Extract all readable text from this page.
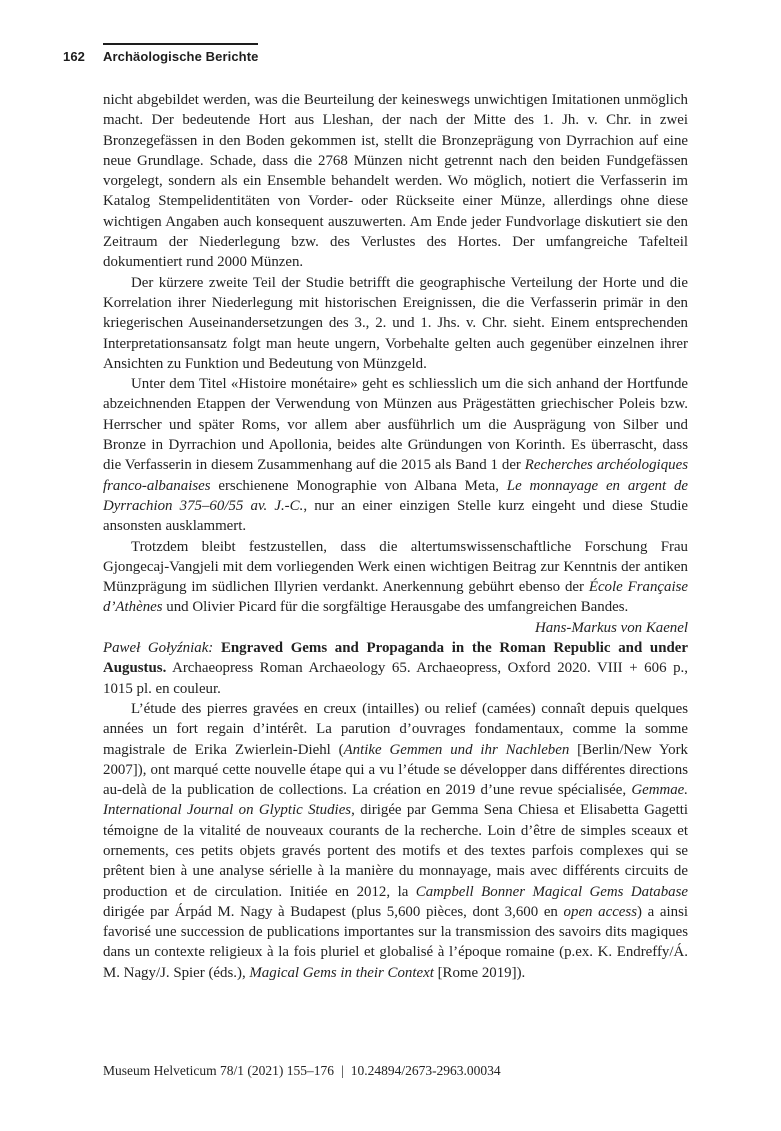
162	Archäologische Berichte

nicht abgebildet werden, was die Beurteilung der keineswegs unwichtigen Imitationen unmöglich macht. Der bedeutende Hort aus Lleshan, der nach der Mitte des 1. Jh. v. Chr. in zwei Bronzegefässen in den Boden gekommen ist, stellt die Bronzeprägung von Dyrrachion auf eine neue Grundlage. Schade, dass die 2768 Münzen nicht getrennt nach den beiden Fundgefässen vorgelegt, sondern als ein Ensemble behandelt werden. Wo möglich, notiert die Verfasserin im Katalog Stempelidentitäten von Vorder- oder Rückseite einer Münze, allerdings ohne diese wichtigen Angaben auch konsequent auszuwerten. Am Ende jeder Fundvorlage diskutiert sie den Zeitraum der Niederlegung bzw. des Verlustes des Hortes. Der umfangreiche Tafelteil dokumentiert rund 2000 Münzen.

Der kürzere zweite Teil der Studie betrifft die geographische Verteilung der Horte und die Korrelation ihrer Niederlegung mit historischen Ereignissen, die die Verfasserin primär in den kriegerischen Auseinandersetzungen des 3., 2. und 1. Jhs. v. Chr. sieht. Einem entsprechenden Interpretationsansatz folgt man heute ungern, Vorbehalte gelten auch gegenüber einzelnen ihrer Ansichten zu Funktion und Bedeutung von Münzgeld.

Unter dem Titel «Histoire monétaire» geht es schliesslich um die sich anhand der Hortfunde abzeichnenden Etappen der Verwendung von Münzen aus Prägestätten griechischer Poleis bzw. Herrscher und später Roms, vor allem aber ausführlich um die Ausprägung von Silber und Bronze in Dyrrachion und Apollonia, beides alte Gründungen von Korinth. Es überrascht, dass die Verfasserin in diesem Zusammenhang auf die 2015 als Band 1 der Recherches archéologiques franco-albanaises erschienene Monographie von Albana Meta, Le monnayage en argent de Dyrrachion 375–60/55 av. J.-C., nur an einer einzigen Stelle kurz eingeht und diese Studie ansonsten ausklammert.

Trotzdem bleibt festzustellen, dass die altertumswissenschaftliche Forschung Frau Gjongecaj-Vangjeli mit dem vorliegenden Werk einen wichtigen Beitrag zur Kenntnis der antiken Münzprägung im südlichen Illyrien verdankt. Anerkennung gebührt ebenso der École Française d’Athènes und Olivier Picard für die sorgfältige Herausgabe des umfangreichen Bandes.

Hans-Markus von Kaenel

Paweł Gołyźniak: Engraved Gems and Propaganda in the Roman Republic and under Augustus. Archaeopress Roman Archaeology 65. Archaeopress, Oxford 2020. VIII + 606 p., 1015 pl. en couleur.

L’étude des pierres gravées en creux (intailles) ou relief (camées) connaît depuis quelques années un fort regain d’intérêt. La parution d’ouvrages fondamentaux, comme la somme magistrale de Erika Zwierlein-Diehl (Antike Gemmen und ihr Nachleben [Berlin/New York 2007]), ont marqué cette nouvelle étape qui a vu l’étude se développer dans différentes directions au-delà de la publication de collections. La création en 2019 d’une revue spécialisée, Gemmae. International Journal on Glyptic Studies, dirigée par Gemma Sena Chiesa et Elisabetta Gagetti témoigne de la vitalité de nouveaux courants de la recherche. Loin d’être de simples sceaux et ornements, ces petits objets gravés portent des motifs et des textes parfois complexes qui se prêtent bien à une analyse sérielle à la manière du monnayage, mais avec différents circuits de production et de circulation. Initiée en 2012, la Campbell Bonner Magical Gems Database dirigée par Árpád M. Nagy à Budapest (plus 5,600 pièces, dont 3,600 en open access) a ainsi favorisé une succession de publications importantes sur la transmission des savoirs dits magiques dans un contexte religieux à la fois pluriel et globalisé à l’époque romaine (p.ex. K. Endreffy/Á. M. Nagy/J. Spier (éds.), Magical Gems in their Context [Rome 2019]).

Museum Helveticum 78/1 (2021) 155–176 | 10.24894/2673-2963.00034
